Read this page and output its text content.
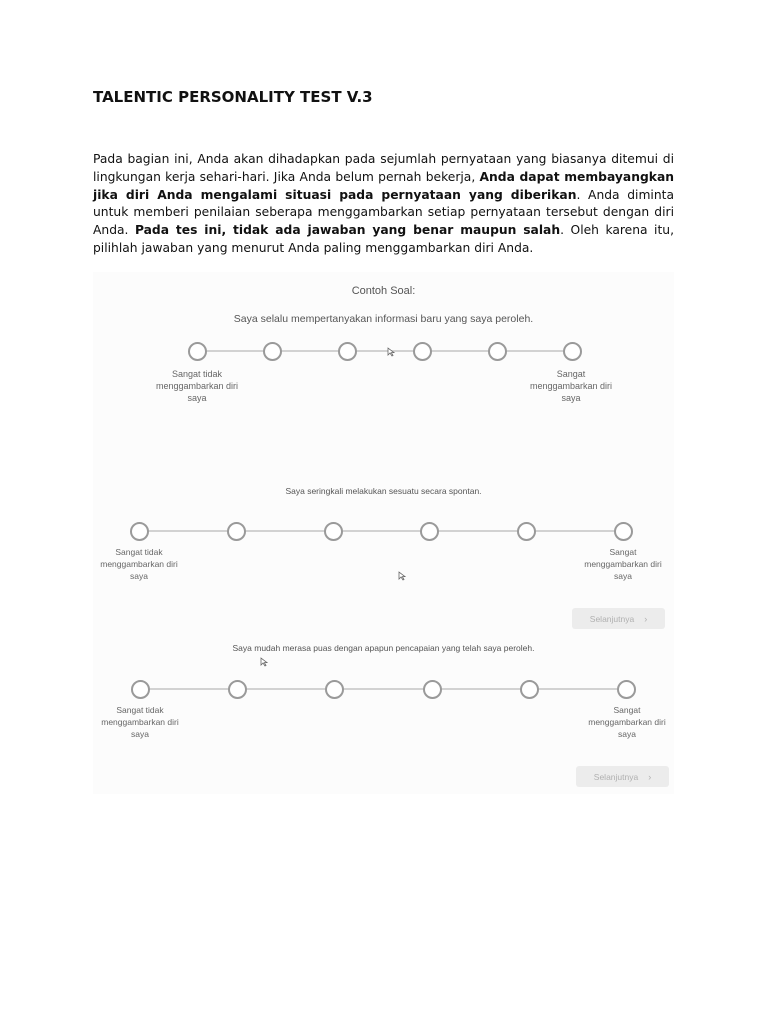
TALENTIC PERSONALITY TEST V.3

Pada bagian ini, Anda akan dihadapkan pada sejumlah pernyataan yang biasanya ditemui di lingkungan kerja sehari-hari. Jika Anda belum pernah bekerja, Anda dapat membayangkan jika diri Anda mengalami situasi pada pernyataan yang diberikan. Anda diminta untuk memberi penilaian seberapa menggambarkan setiap pernyataan tersebut dengan diri Anda. Pada tes ini, tidak ada jawaban yang benar maupun salah. Oleh karena itu, pilihlah jawaban yang menurut Anda paling menggambarkan diri Anda.

Contoh Soal:

Saya selalu mempertanyakan informasi baru yang saya peroleh.

Sangat tidak menggambarkan diri saya

Sangat menggambarkan diri saya

Saya seringkali melakukan sesuatu secara spontan.

Sangat tidak menggambarkan diri saya

Sangat menggambarkan diri saya

Selanjutnya ›

Saya mudah merasa puas dengan apapun pencapaian yang telah saya peroleh.

Sangat tidak menggambarkan diri saya

Sangat menggambarkan diri saya

Selanjutnya ›
